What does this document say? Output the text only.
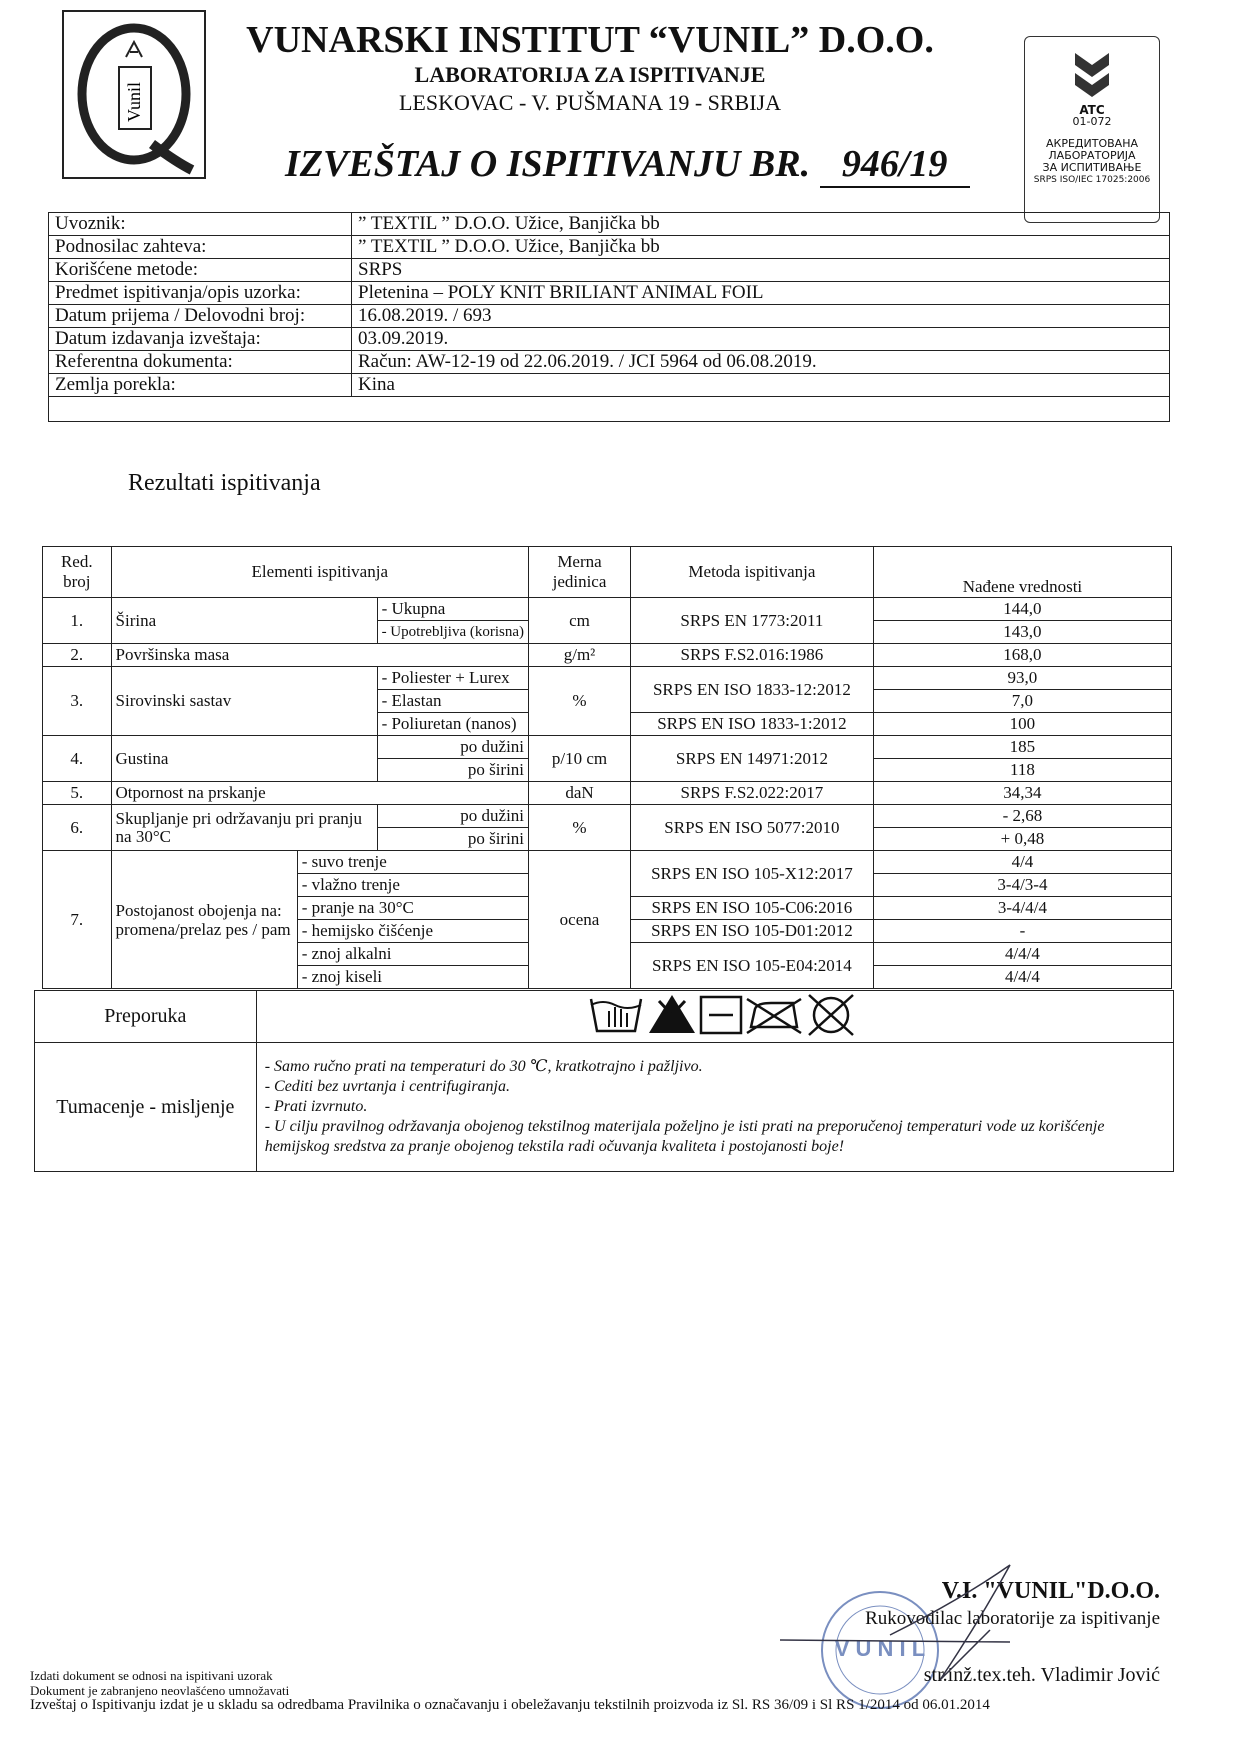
Vunil
VUNARSKI INSTITUT “VUNIL” D.O.O.
LABORATORIJA ZA ISPITIVANJE
LESKOVAC - V. PUŠMANA 19 - SRBIJA
IZVEŠTAJ O ISPITIVANJU BR. 946/19
ATC
01-072
АКРЕДИТОВАНА
ЛАБОРАТОРИЈА
ЗА ИСПИТИВАЊЕ
SRPS ISO/IEC 17025:2006
Uvoznik:	” TEXTIL ” D.O.O. Užice, Banjička bb
Podnosilac zahteva:	” TEXTIL ” D.O.O. Užice, Banjička bb
Korišćene metode:	SRPS
Predmet ispitivanja/opis uzorka:	Pletenina – POLY KNIT BRILIANT ANIMAL FOIL
Datum prijema / Delovodni broj:	16.08.2019. / 693
Datum izdavanja izveštaja:	03.09.2019.
Referentna dokumenta:	Račun: AW-12-19 od 22.06.2019. / JCI 5964 od 06.08.2019.
Zemlja porekla:	Kina

Rezultati ispitivanja
Red. broj	Elementi ispitivanja			Merna jedinica	Metoda ispitivanja	Nađene vrednosti
1.	Širina		- Ukupna	cm	SRPS EN 1773:2011	144,0
			- Upotrebljiva (korisna)			143,0
2.	Površinska masa			g/m²	SRPS F.S2.016:1986	168,0
3.	Sirovinski sastav		- Poliester + Lurex	%	SRPS EN ISO 1833-12:2012	93,0
			- Elastan			7,0
			- Poliuretan (nanos)		SRPS EN ISO 1833-1:2012	100
4.	Gustina		po dužini	p/10 cm	SRPS EN 14971:2012	185
			po širini			118
5.	Otpornost na prskanje			daN	SRPS F.S2.022:2017	34,34
6.	Skupljanje pri održavanju pri pranju na 30°C		po dužini	%	SRPS EN ISO 5077:2010	- 2,68
			po širini			+ 0,48
7.	Postojanost obojenja na: promena/prelaz pes / pam	- suvo trenje		ocena	SRPS EN ISO 105-X12:2017	4/4
		- vlažno trenje				3-4/3-4
		- pranje na 30°C			SRPS EN ISO 105-C06:2016	3-4/4/4
		- hemijsko čišćenje			SRPS EN ISO 105-D01:2012	-
		- znoj alkalni			SRPS EN ISO 105-E04:2014	4/4/4
		- znoj kiseli				4/4/4
Preporuka	
Tumacenje - misljenje	- Samo ručno prati na temperaturi do 30 ℃, kratkotrajno i pažljivo.
- Cediti bez uvrtanja i centrifugiranja.
- Prati izvrnuto.
- U cilju pravilnog održavanja obojenog tekstilnog materijala poželjno je isti prati na preporučenoj temperaturi vode uz korišćenje hemijskog sredstva za pranje obojenog tekstila radi očuvanja kvaliteta i postojanosti boje!
V U N I L
V.I. "VUNIL"D.O.O.
Rukovodilac laboratorije za ispitivanje
str.inž.tex.teh. Vladimir Jović
Izdati dokument se odnosi na ispitivani uzorak
Dokument je zabranjeno neovlašćeno umnožavati
Izveštaj o Ispitivanju izdat je u skladu sa odredbama Pravilnika o označavanju i obeležavanju tekstilnih proizvoda iz Sl. RS 36/09 i Sl RS 1/2014 od 06.01.2014
